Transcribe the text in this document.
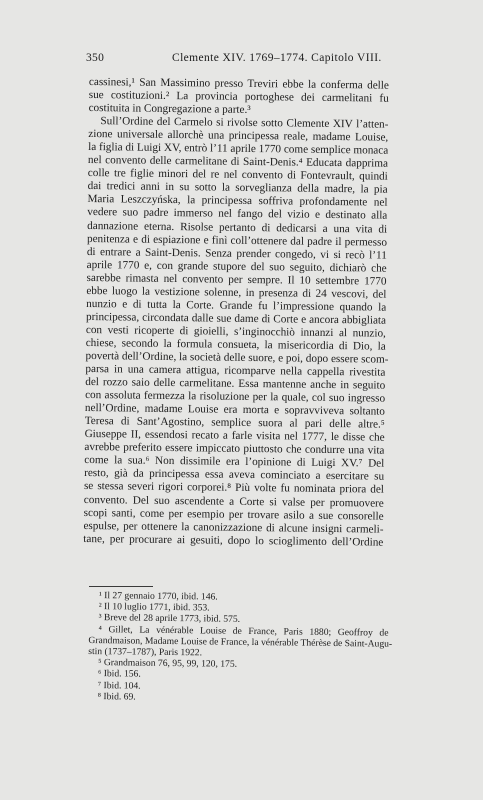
350	Clemente XIV. 1769–1774. Capitolo VIII.
cassinesi,¹ San Massimino presso Treviri ebbe la conferma delle
sue costituzioni.² La provincia portoghese dei carmelitani fu
costituita in Congregazione a parte.³
Sull’Ordine del Carmelo si rivolse sotto Clemente XIV l’atten-
zione universale allorchè una principessa reale, madame Louise,
la figlia di Luigi XV, entrò l’11 aprile 1770 come semplice monaca
nel convento delle carmelitane di Saint-Denis.⁴ Educata dapprima
colle tre figlie minori del re nel convento di Fontevrault, quindi
dai tredici anni in su sotto la sorveglianza della madre, la pia
Maria Leszczyńska, la principessa soffriva profondamente nel
vedere suo padre immerso nel fango del vizio e destinato alla
dannazione eterna. Risolse pertanto di dedicarsi a una vita di
penitenza e di espiazione e finì coll’ottenere dal padre il permesso
di entrare a Saint-Denis. Senza prender congedo, vi si recò l’11
aprile 1770 e, con grande stupore del suo seguito, dichiarò che
sarebbe rimasta nel convento per sempre. Il 10 settembre 1770
ebbe luogo la vestizione solenne, in presenza di 24 vescovi, del
nunzio e di tutta la Corte. Grande fu l’impressione quando la
principessa, circondata dalle sue dame di Corte e ancora abbigliata
con vesti ricoperte di gioielli, s’inginocchiò innanzi al nunzio,
chiese, secondo la formula consueta, la misericordia di Dio, la
povertà dell’Ordine, la società delle suore, e poi, dopo essere scom-
parsa in una camera attigua, ricomparve nella cappella rivestita
del rozzo saio delle carmelitane. Essa mantenne anche in seguito
con assoluta fermezza la risoluzione per la quale, col suo ingresso
nell’Ordine, madame Louise era morta e sopravviveva soltanto
Teresa di Sant’Agostino, semplice suora al pari delle altre.⁵
Giuseppe II, essendosi recato a farle visita nel 1777, le disse che
avrebbe preferito essere impiccato piuttosto che condurre una vita
come la sua.⁶ Non dissimile era l’opinione di Luigi XV.⁷ Del
resto, già da principessa essa aveva cominciato a esercitare su
se stessa severi rigori corporei.⁸ Più volte fu nominata priora del
convento. Del suo ascendente a Corte si valse per promuovere
scopi santi, come per esempio per trovare asilo a sue consorelle
espulse, per ottenere la canonizzazione di alcune insigni carmeli-
tane, per procurare ai gesuiti, dopo lo scioglimento dell’Ordine
¹ Il 27 gennaio 1770, ibid. 146.
² Il 10 luglio 1771, ibid. 353.
³ Breve del 28 aprile 1773, ibid. 575.
⁴ Gillet, La vénérable Louise de France, Paris 1880; Geoffroy de
Grandmaison, Madame Louise de France, la vénérable Thérèse de Saint-Augu-
stin (1737–1787), Paris 1922.
⁵ Grandmaison 76, 95, 99, 120, 175.
⁶ Ibid. 156.
⁷ Ibid. 104.
⁸ Ibid. 69.
